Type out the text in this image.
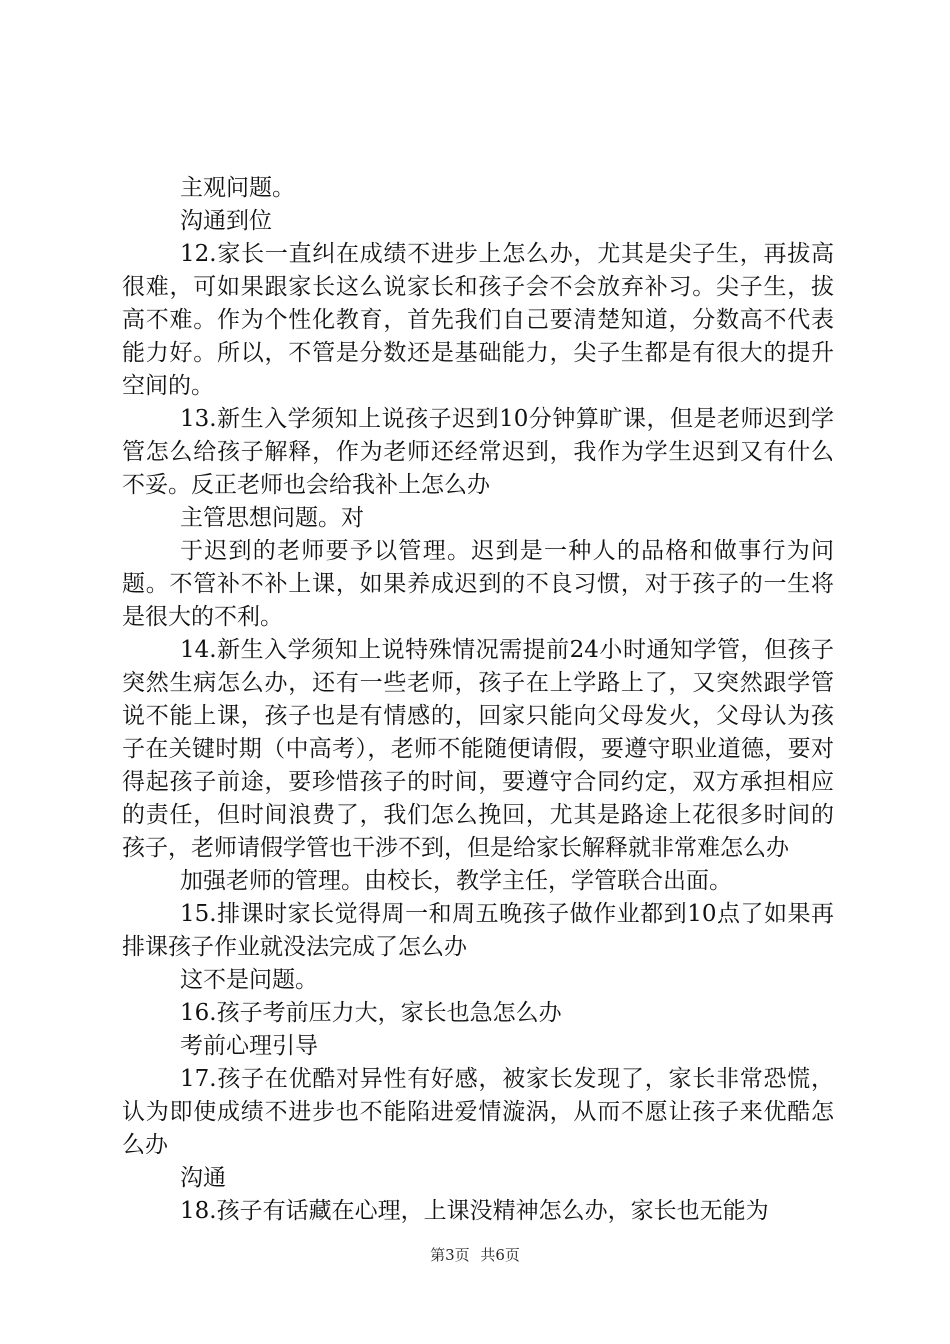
主观问题。

沟通到位

12.家长一直纠在成绩不进步上怎么办，尤其是尖子生，再拔高很难，可如果跟家长这么说家长和孩子会不会放弃补习。尖子生，拔高不难。作为个性化教育，首先我们自己要清楚知道，分数高不代表能力好。所以，不管是分数还是基础能力，尖子生都是有很大的提升空间的。

13.新生入学须知上说孩子迟到10分钟算旷课，但是老师迟到学管怎么给孩子解释，作为老师还经常迟到，我作为学生迟到又有什么不妥。反正老师也会给我补上怎么办

主管思想问题。对

于迟到的老师要予以管理。迟到是一种人的品格和做事行为问题。不管补不补上课，如果养成迟到的不良习惯，对于孩子的一生将是很大的不利。

14.新生入学须知上说特殊情况需提前24小时通知学管，但孩子突然生病怎么办，还有一些老师，孩子在上学路上了，又突然跟学管说不能上课，孩子也是有情感的，回家只能向父母发火，父母认为孩子在关键时期（中高考），老师不能随便请假，要遵守职业道德，要对得起孩子前途，要珍惜孩子的时间，要遵守合同约定，双方承担相应的责任，但时间浪费了，我们怎么挽回，尤其是路途上花很多时间的孩子，老师请假学管也干涉不到，但是给家长解释就非常难怎么办

加强老师的管理。由校长，教学主任，学管联合出面。

15.排课时家长觉得周一和周五晚孩子做作业都到10点了如果再排课孩子作业就没法完成了怎么办

这不是问题。

16.孩子考前压力大，家长也急怎么办

考前心理引导

17.孩子在优酷对异性有好感，被家长发现了，家长非常恐慌，认为即使成绩不进步也不能陷进爱情漩涡，从而不愿让孩子来优酷怎么办

沟通

18.孩子有话藏在心理，上课没精神怎么办，家长也无能为

第3页 共6页
